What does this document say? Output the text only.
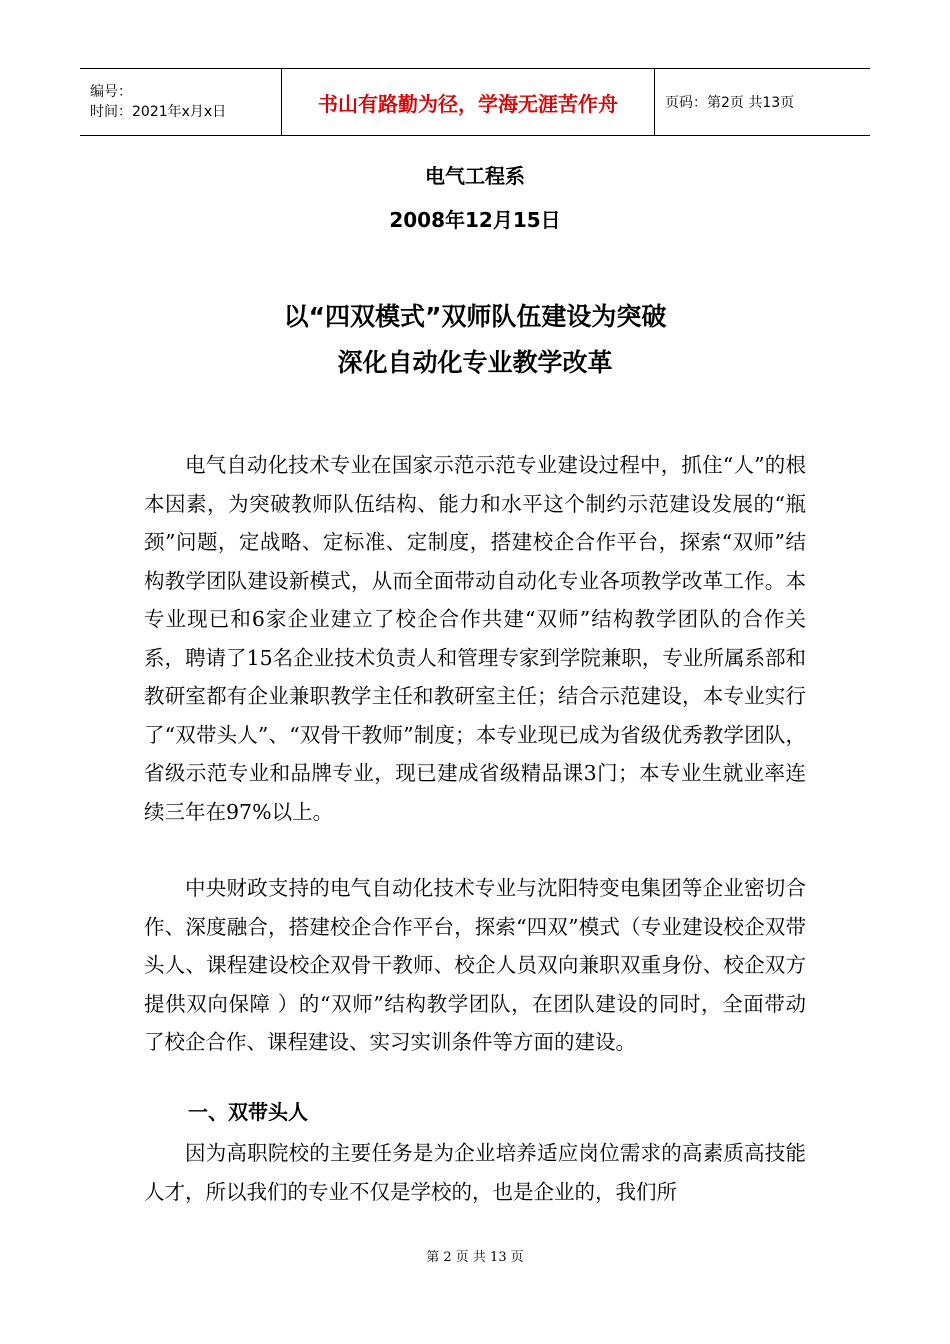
编号：
时间：2021年x月x日	书山有路勤为径，学海无涯苦作舟	页码：第2页 共13页
电气工程系
2008年12月15日
以“四双模式”双师队伍建设为突破
深化自动化专业教学改革

电气自动化技术专业在国家示范示范专业建设过程中，抓住“人”的根本因素，为突破教师队伍结构、能力和水平这个制约示范建设发展的“瓶颈”问题，定战略、定标准、定制度，搭建校企合作平台，探索“双师”结构教学团队建设新模式，从而全面带动自动化专业各项教学改革工作。本专业现已和6家企业建立了校企合作共建“双师”结构教学团队的合作关系，聘请了15名企业技术负责人和管理专家到学院兼职，专业所属系部和教研室都有企业兼职教学主任和教研室主任；结合示范建设，本专业实行了“双带头人”、“双骨干教师”制度；本专业现已成为省级优秀教学团队，省级示范专业和品牌专业，现已建成省级精品课3门；本专业生就业率连续三年在97%以上。

中央财政支持的电气自动化技术专业与沈阳特变电集团等企业密切合作、深度融合，搭建校企合作平台，探索“四双”模式（专业建设校企双带头人、课程建设校企双骨干教师、校企人员双向兼职双重身份、校企双方提供双向保障 ）的“双师”结构教学团队，在团队建设的同时，全面带动了校企合作、课程建设、实习实训条件等方面的建设。

一、双带头人

因为高职院校的主要任务是为企业培养适应岗位需求的高素质高技能人才，所以我们的专业不仅是学校的，也是企业的，我们所

第 2 页 共 13 页
